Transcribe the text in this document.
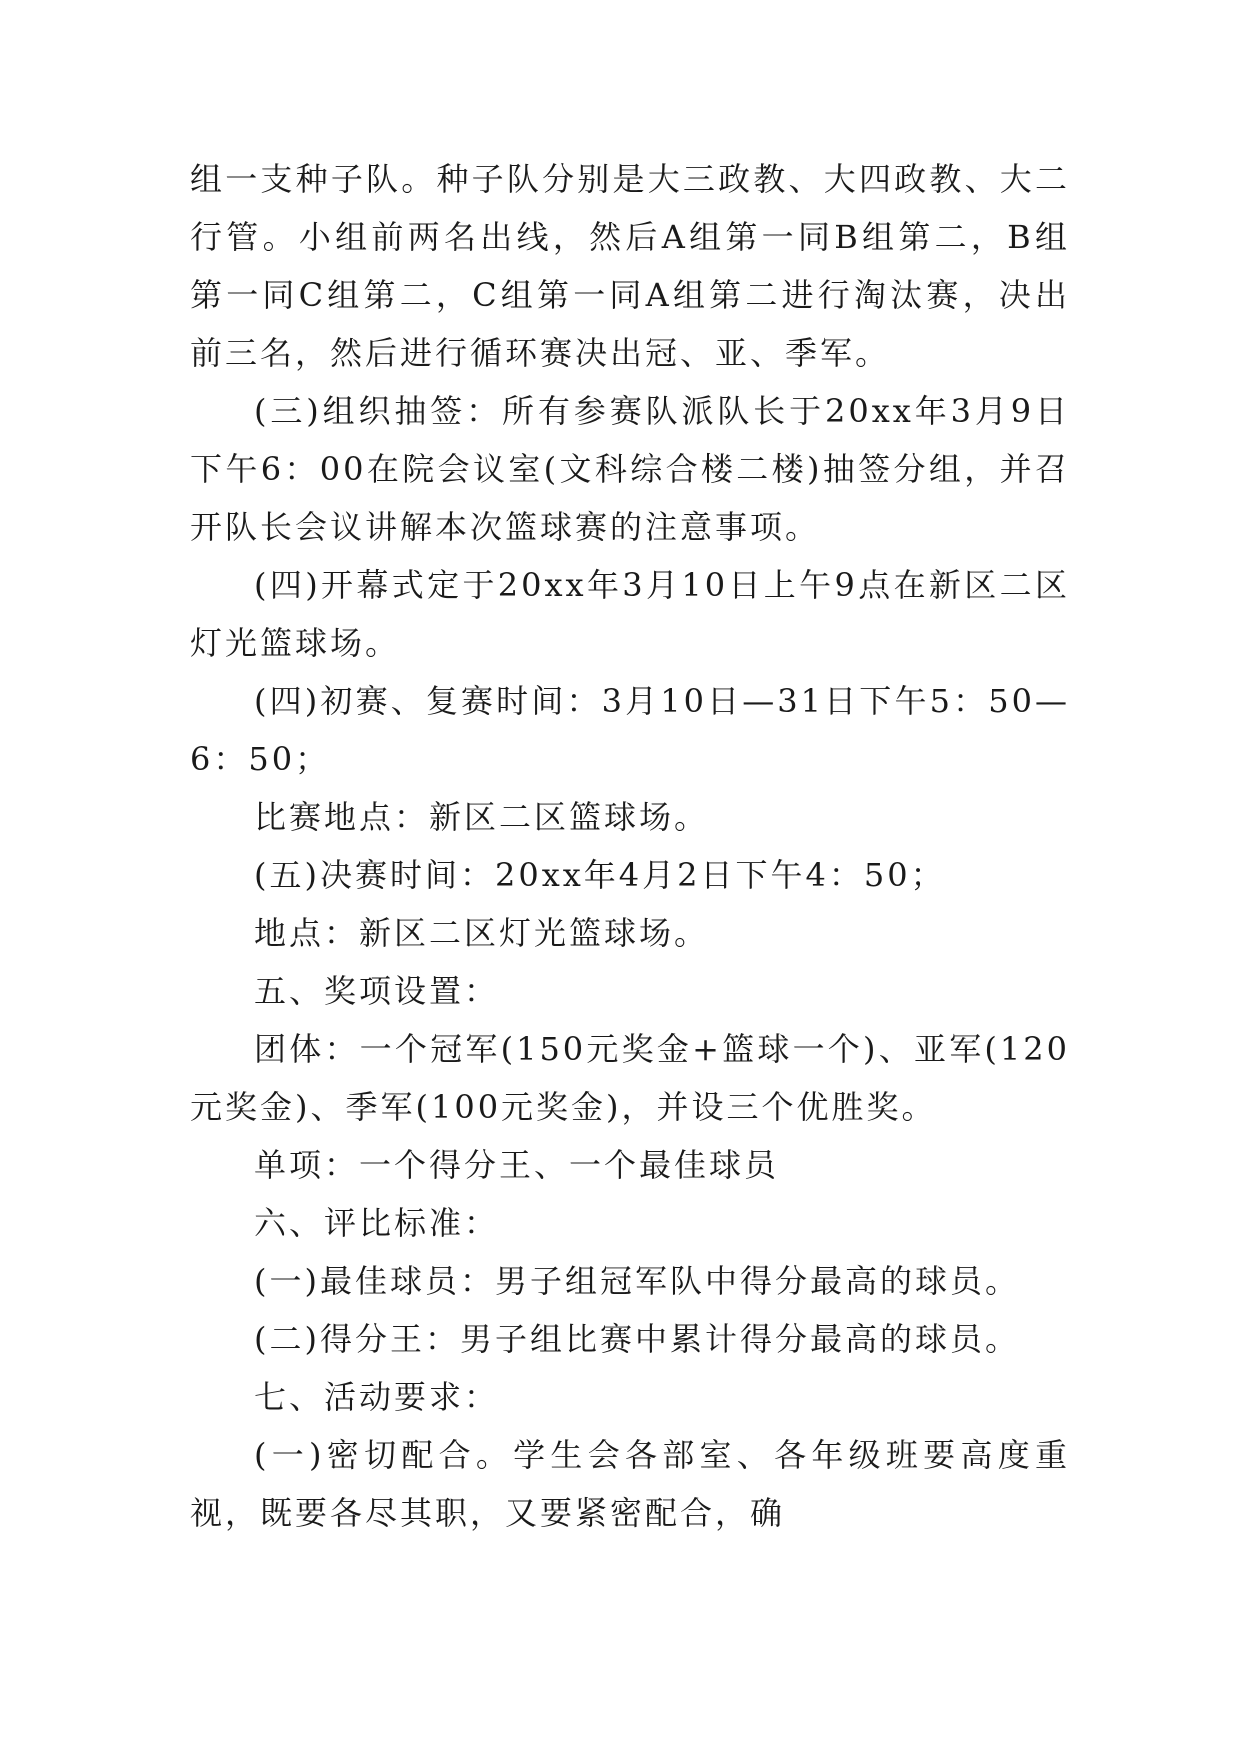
组一支种子队。种子队分别是大三政教、大四政教、大二行管。小组前两名出线，然后A组第一同B组第二，B组第一同C组第二，C组第一同A组第二进行淘汰赛，决出前三名，然后进行循环赛决出冠、亚、季军。

(三)组织抽签：所有参赛队派队长于20xx年3月9日下午6：00在院会议室(文科综合楼二楼)抽签分组，并召开队长会议讲解本次篮球赛的注意事项。

(四)开幕式定于20xx年3月10日上午9点在新区二区灯光篮球场。

(四)初赛、复赛时间：3月10日—31日下午5：50—6：50；

比赛地点：新区二区篮球场。

(五)决赛时间：20xx年4月2日下午4：50；

地点：新区二区灯光篮球场。

五、奖项设置：

团体：一个冠军(150元奖金+篮球一个)、亚军(120元奖金)、季军(100元奖金)，并设三个优胜奖。

单项：一个得分王、一个最佳球员

六、评比标准：

(一)最佳球员：男子组冠军队中得分最高的球员。

(二)得分王：男子组比赛中累计得分最高的球员。

七、活动要求：

(一)密切配合。学生会各部室、各年级班要高度重视，既要各尽其职，又要紧密配合，确
